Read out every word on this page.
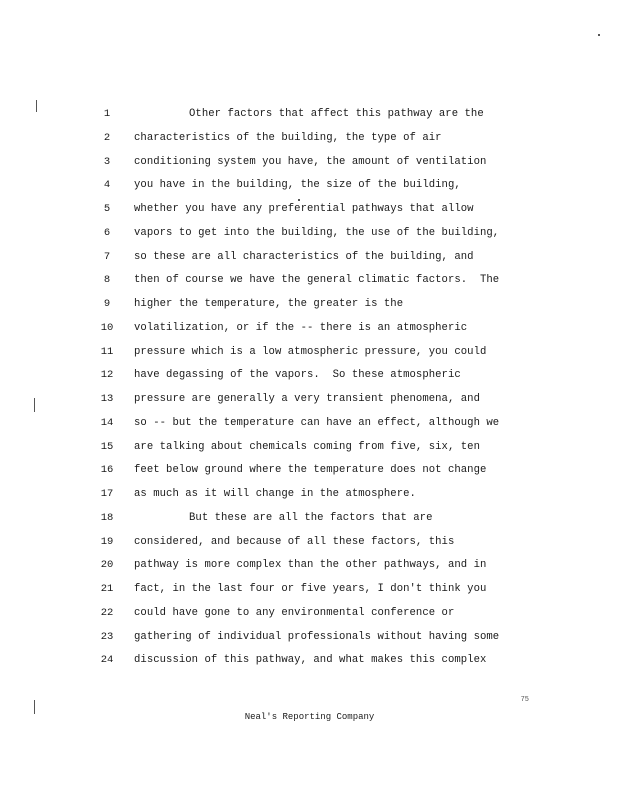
1	Other factors that affect this pathway are the
2	characteristics of the building, the type of air
3	conditioning system you have, the amount of ventilation
4	you have in the building, the size of the building,
5	whether you have any preferential pathways that allow
6	vapors to get into the building, the use of the building,
7	so these are all characteristics of the building, and
8	then of course we have the general climatic factors.  The
9	higher the temperature, the greater is the
10	volatilization, or if the -- there is an atmospheric
11	pressure which is a low atmospheric pressure, you could
12	have degassing of the vapors.  So these atmospheric
13	pressure are generally a very transient phenomena, and
14	so -- but the temperature can have an effect, although we
15	are talking about chemicals coming from five, six, ten
16	feet below ground where the temperature does not change
17	as much as it will change in the atmosphere.
18	But these are all the factors that are
19	considered, and because of all these factors, this
20	pathway is more complex than the other pathways, and in
21	fact, in the last four or five years, I don't think you
22	could have gone to any environmental conference or
23	gathering of individual professionals without having some
24	discussion of this pathway, and what makes this complex
75
Neal's Reporting Company
